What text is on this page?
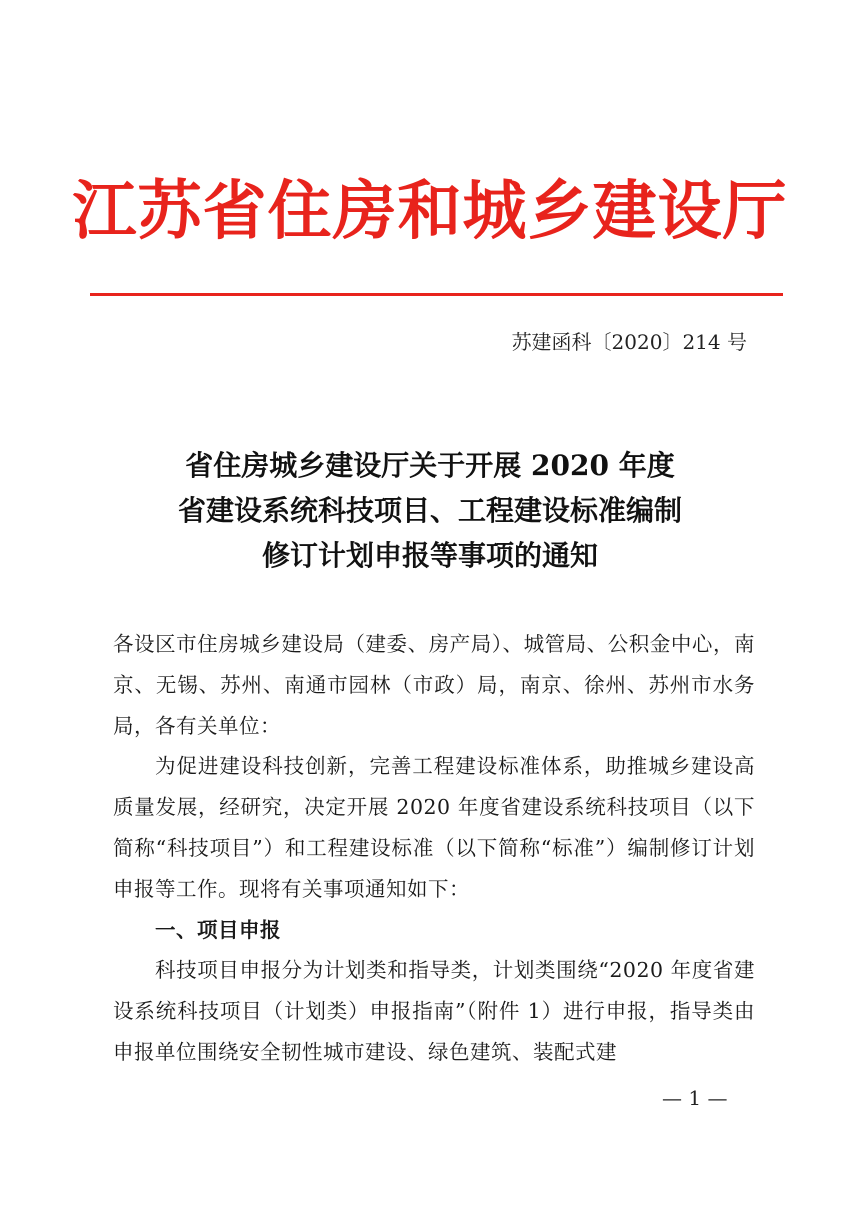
江苏省住房和城乡建设厅
苏建函科〔2020〕214 号
省住房城乡建设厅关于开展 2020 年度
省建设系统科技项目、工程建设标准编制
修订计划申报等事项的通知

各设区市住房城乡建设局（建委、房产局）、城管局、公积金中心，南京、无锡、苏州、南通市园林（市政）局，南京、徐州、苏州市水务局，各有关单位：

为促进建设科技创新，完善工程建设标准体系，助推城乡建设高质量发展，经研究，决定开展 2020 年度省建设系统科技项目（以下简称“科技项目”）和工程建设标准（以下简称“标准”）编制修订计划申报等工作。现将有关事项通知如下：

一、项目申报

科技项目申报分为计划类和指导类，计划类围绕“2020 年度省建设系统科技项目（计划类）申报指南”（附件 1）进行申报，指导类由申报单位围绕安全韧性城市建设、绿色建筑、装配式建

— 1 —
